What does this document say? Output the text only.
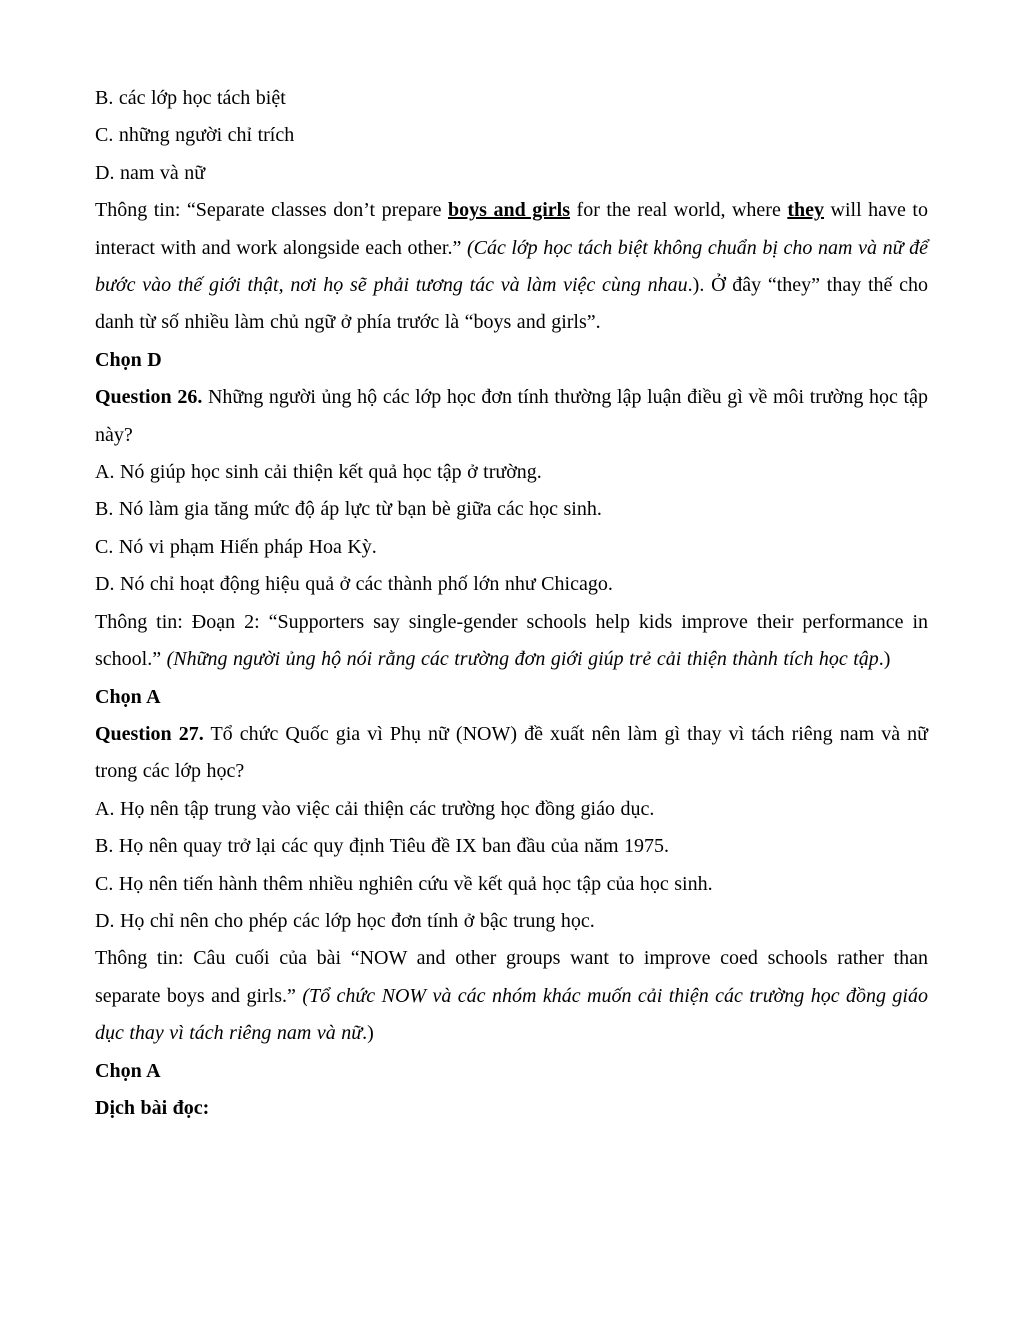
B. các lớp học tách biệt

C. những người chỉ trích

D. nam và nữ

Thông tin: “Separate classes don’t prepare boys and girls for the real world, where they will have to interact with and work alongside each other.” (Các lớp học tách biệt không chuẩn bị cho nam và nữ để bước vào thế giới thật, nơi họ sẽ phải tương tác và làm việc cùng nhau.). Ở đây “they” thay thế cho danh từ số nhiều làm chủ ngữ ở phía trước là “boys and girls”.

Chọn D

Question 26. Những người ủng hộ các lớp học đơn tính thường lập luận điều gì về môi trường học tập này?

A. Nó giúp học sinh cải thiện kết quả học tập ở trường.

B. Nó làm gia tăng mức độ áp lực từ bạn bè giữa các học sinh.

C. Nó vi phạm Hiến pháp Hoa Kỳ.

D. Nó chỉ hoạt động hiệu quả ở các thành phố lớn như Chicago.

Thông tin: Đoạn 2: “Supporters say single-gender schools help kids improve their performance in school.” (Những người ủng hộ nói rằng các trường đơn giới giúp trẻ cải thiện thành tích học tập.)

Chọn A

Question 27. Tổ chức Quốc gia vì Phụ nữ (NOW) đề xuất nên làm gì thay vì tách riêng nam và nữ trong các lớp học?

A. Họ nên tập trung vào việc cải thiện các trường học đồng giáo dục.

B. Họ nên quay trở lại các quy định Tiêu đề IX ban đầu của năm 1975.

C. Họ nên tiến hành thêm nhiều nghiên cứu về kết quả học tập của học sinh.

D. Họ chỉ nên cho phép các lớp học đơn tính ở bậc trung học.

Thông tin: Câu cuối của bài “NOW and other groups want to improve coed schools rather than separate boys and girls.” (Tổ chức NOW và các nhóm khác muốn cải thiện các trường học đồng giáo dục thay vì tách riêng nam và nữ.)

Chọn A

Dịch bài đọc:
